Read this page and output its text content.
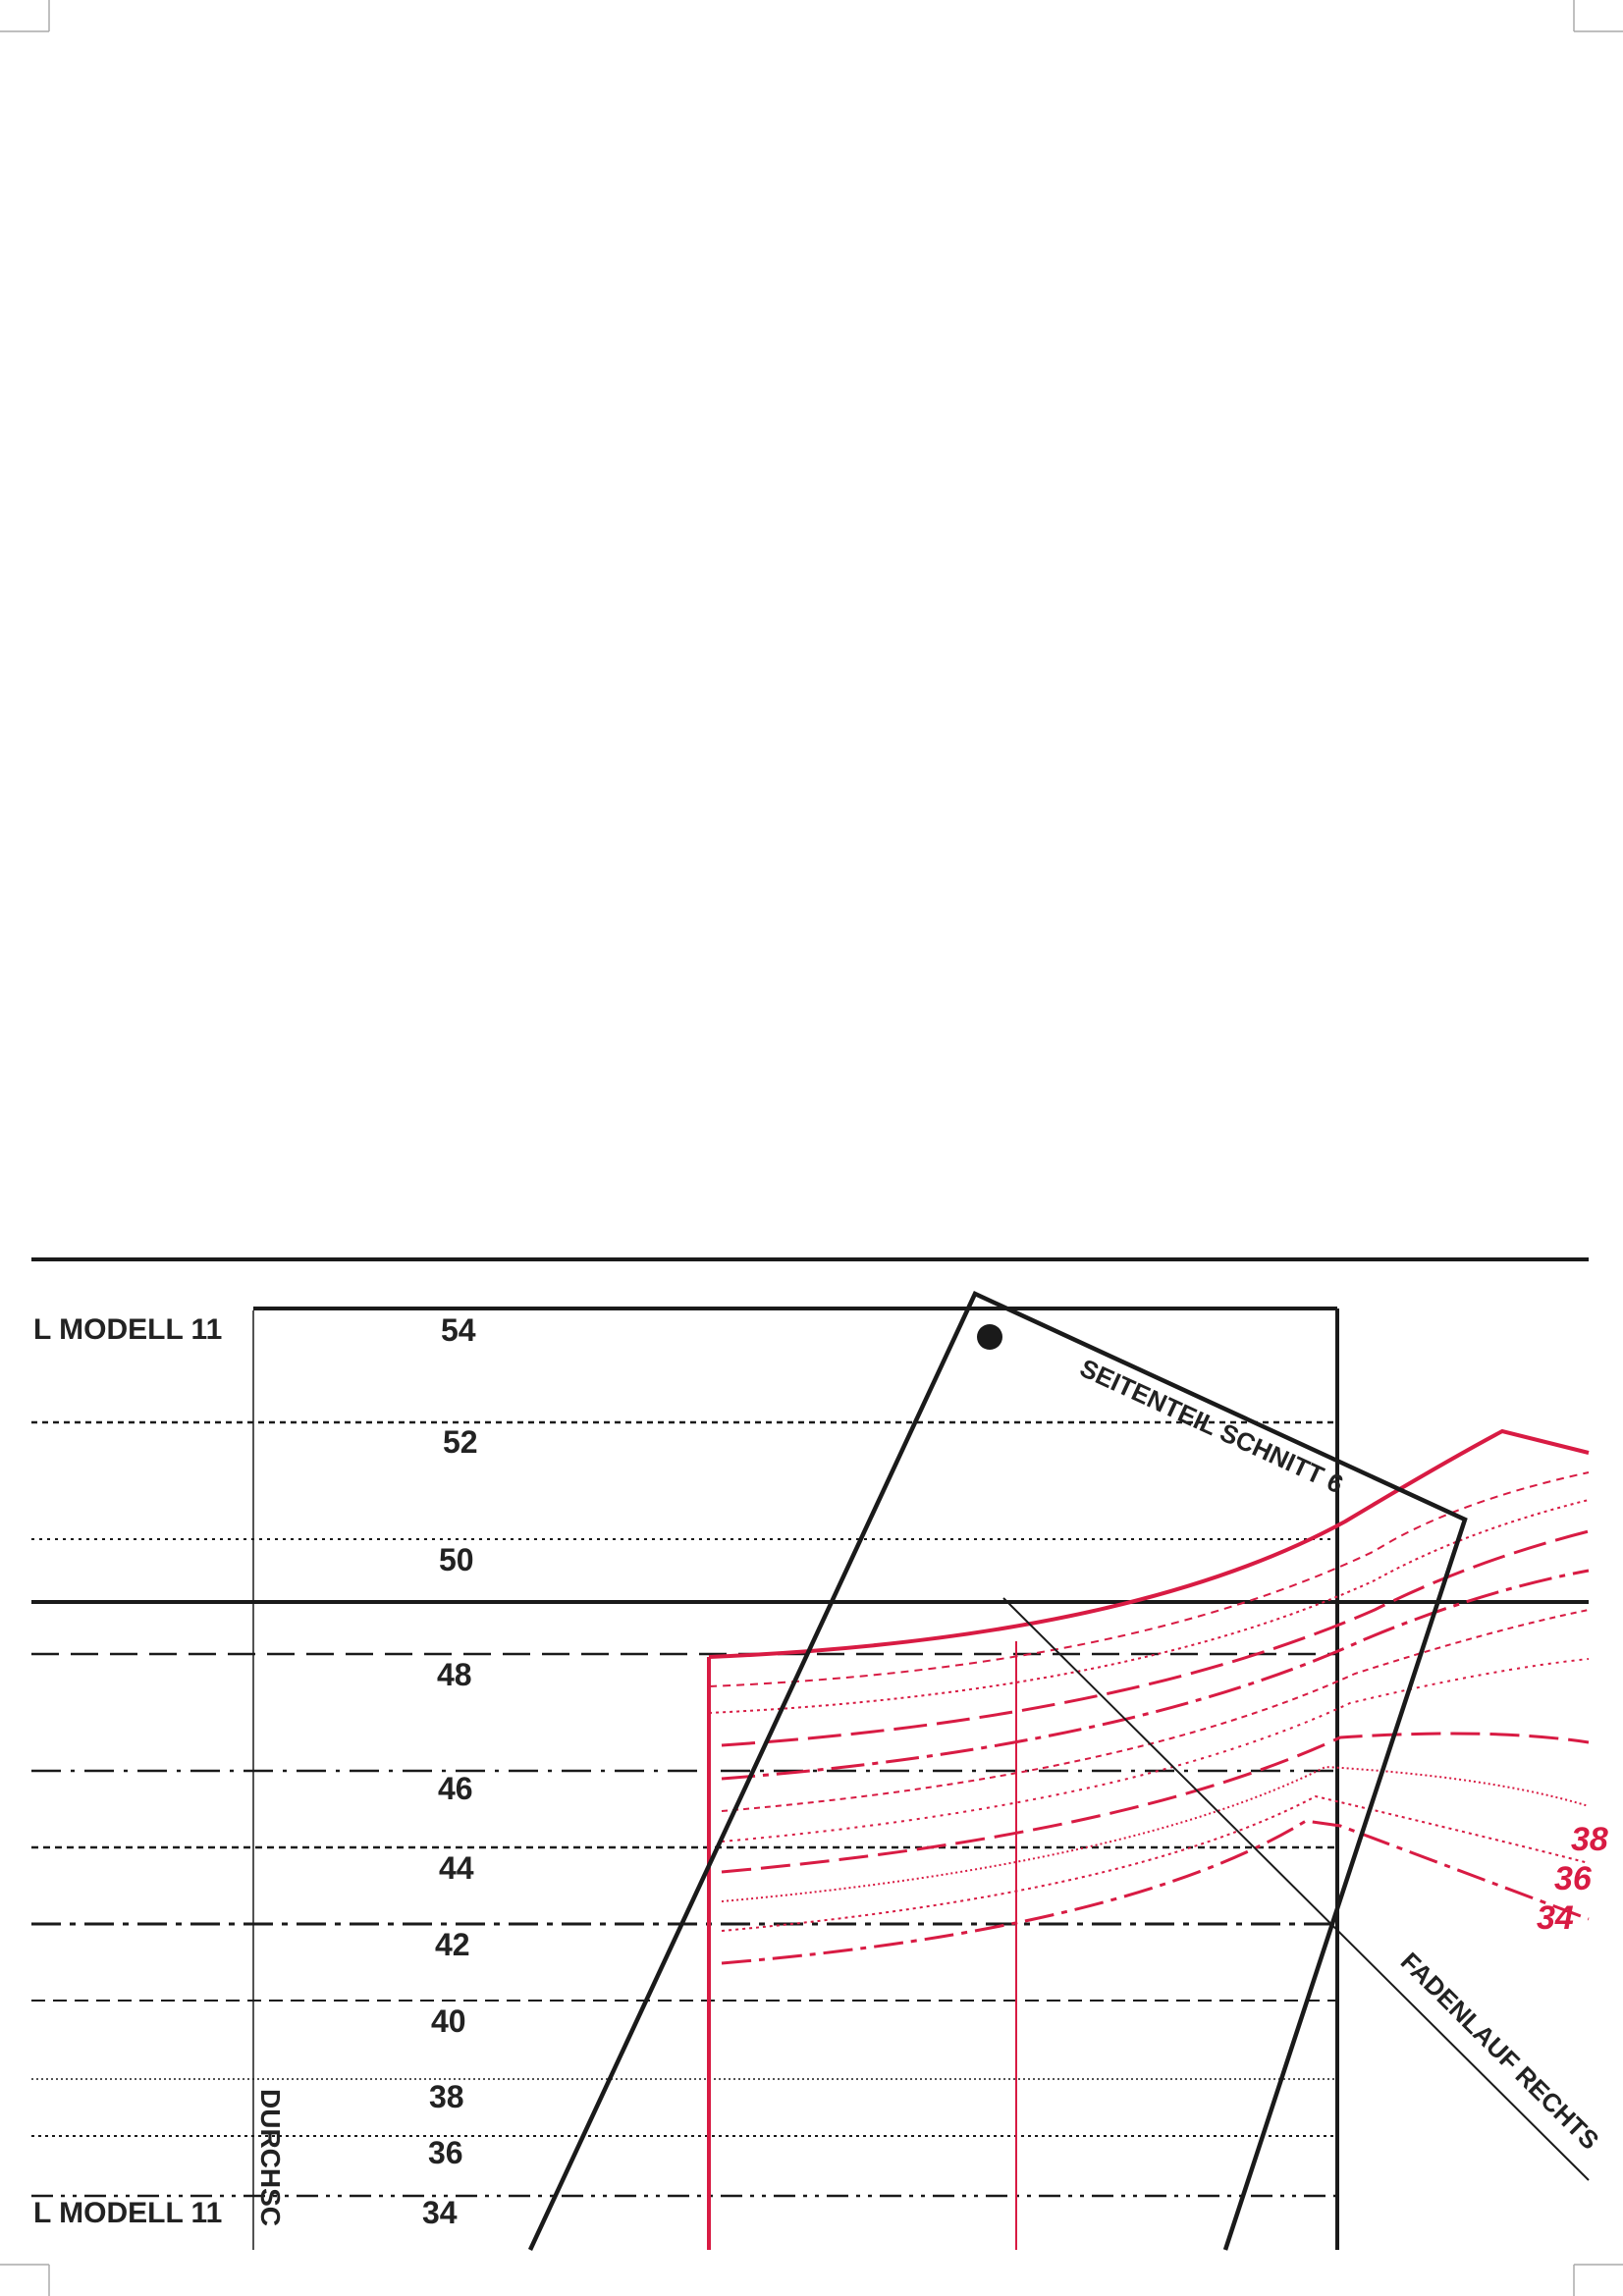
54
52
50
48
46
44
42
40
38
36
34
L MODELL 11
L MODELL 11 DURCHSC
SEITENTEIL SCHNITT 6
FADENLAUF RECHTS
38
36
34
